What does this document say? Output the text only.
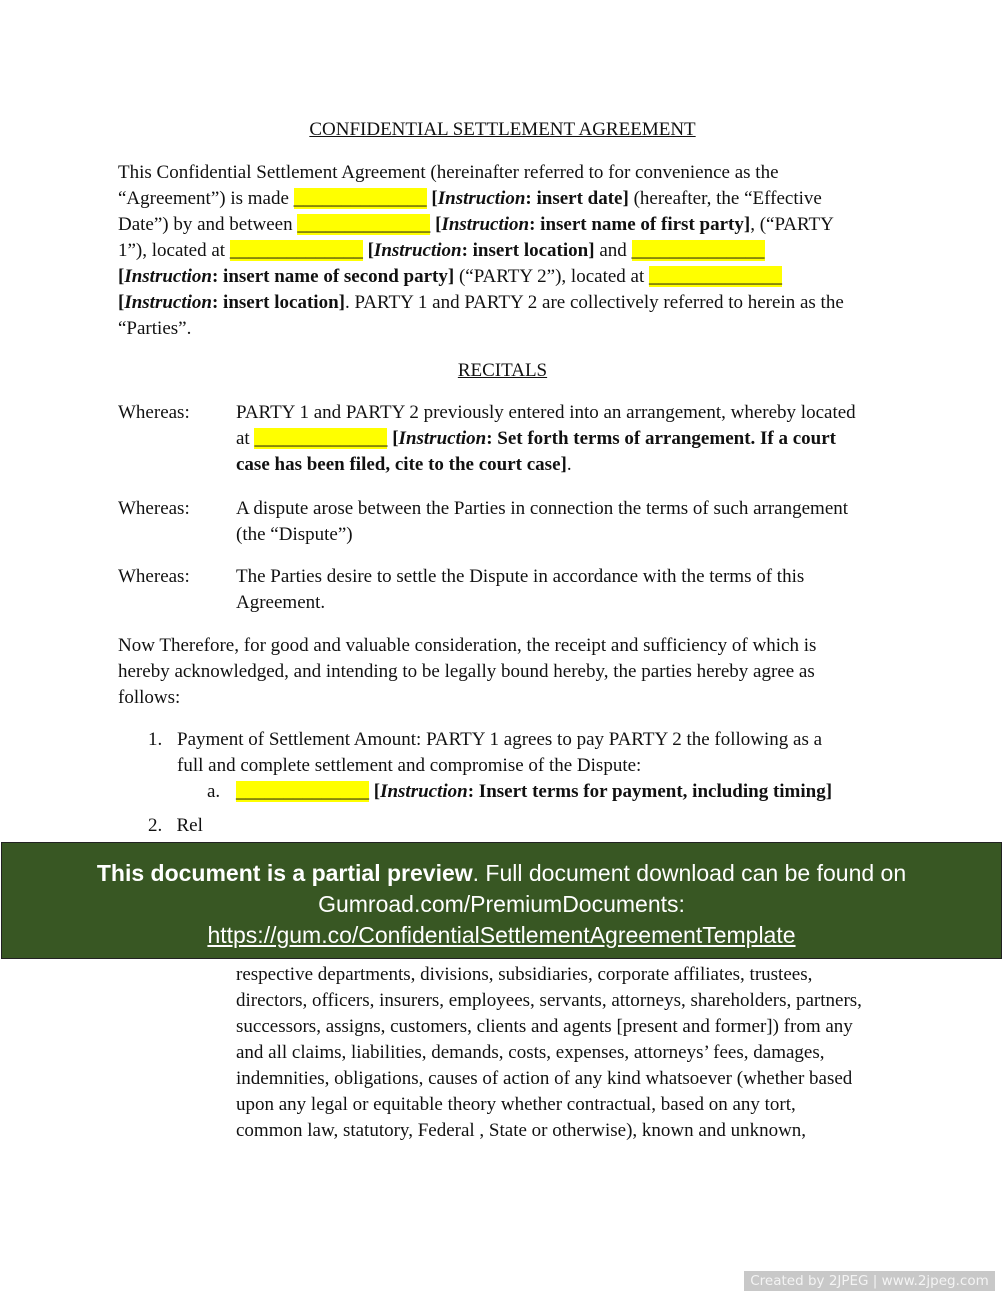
CONFIDENTIAL SETTLEMENT AGREEMENT
RECITALS
This Confidential Settlement Agreement (hereinafter referred to for convenience as the
“Agreement”) is made ______________ [Instruction: insert date] (hereafter, the “Effective
Date”) by and between ______________ [Instruction: insert name of first party], (“PARTY
1”), located at ______________ [Instruction: insert location] and ______________
[Instruction: insert name of second party] (“PARTY 2”), located at ______________
[Instruction: insert location]. PARTY 1 and PARTY 2 are collectively referred to herein as the
“Parties”.
Whereas: PARTY 1 and PARTY 2 previously entered into an arrangement, whereby located
at ______________ [Instruction: Set forth terms of arrangement. If a court
case has been filed, cite to the court case].
Whereas: A dispute arose between the Parties in connection the terms of such arrangement
(the “Dispute”)
Whereas: The Parties desire to settle the Dispute in accordance with the terms of this
Agreement.
Now Therefore, for good and valuable consideration, the receipt and sufficiency of which is
hereby acknowledged, and intending to be legally bound hereby, the parties hereby agree as
follows:
1. Payment of Settlement Amount: PARTY 1 agrees to pay PARTY 2 the following as a
full and complete settlement and compromise of the Dispute:
a. ______________ [Instruction: Insert terms for payment, including timing]
2.   Rel
respective departments, divisions, subsidiaries, corporate affiliates, trustees,
directors, officers, insurers, employees, servants, attorneys, shareholders, partners,
successors, assigns, customers, clients and agents [present and former]) from any
and all claims, liabilities, demands, costs, expenses, attorneys’ fees, damages,
indemnities, obligations, causes of action of any kind whatsoever (whether based
upon any legal or equitable theory whether contractual, based on any tort,
common law, statutory, Federal , State or otherwise), known and unknown,
This document is a partial preview. Full document download can be found on
Gumroad.com/PremiumDocuments:
https://gum.co/ConfidentialSettlementAgreementTemplate
Created by 2JPEG | www.2jpeg.com
